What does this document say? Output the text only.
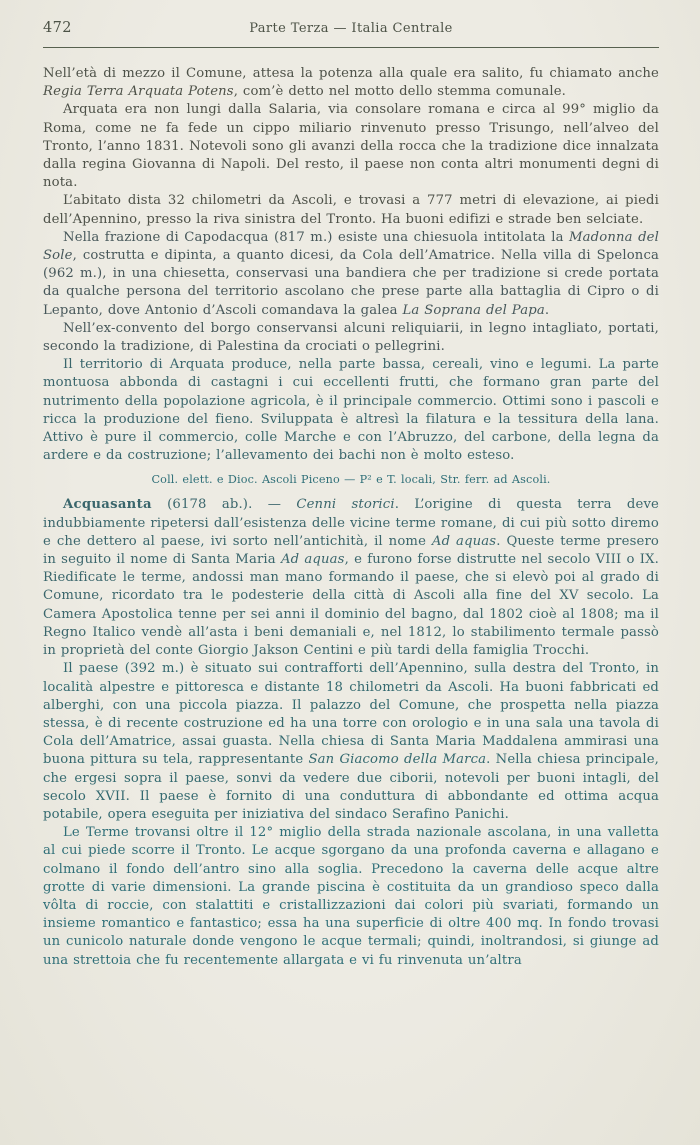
472	Parte Terza — Italia Centrale

Nell’età di mezzo il Comune, attesa la potenza alla quale era salito, fu chiamato anche Regia Terra Arquata Potens, com’è detto nel motto dello stemma comunale.

Arquata era non lungi dalla Salaria, via consolare romana e circa al 99° miglio da Roma, come ne fa fede un cippo miliario rinvenuto presso Trisungo, nell’alveo del Tronto, l’anno 1831. Notevoli sono gli avanzi della rocca che la tradizione dice innalzata dalla regina Giovanna di Napoli. Del resto, il paese non conta altri monumenti degni di nota.

L’abitato dista 32 chilometri da Ascoli, e trovasi a 777 metri di elevazione, ai piedi dell’Apennino, presso la riva sinistra del Tronto. Ha buoni edifizi e strade ben selciate.

Nella frazione di Capodacqua (817 m.) esiste una chiesuola intitolata la Madonna del Sole, costrutta e dipinta, a quanto dicesi, da Cola dell’Amatrice. Nella villa di Spelonca (962 m.), in una chiesetta, conservasi una bandiera che per tradizione si crede portata da qualche persona del territorio ascolano che prese parte alla battaglia di Cipro o di Lepanto, dove Antonio d’Ascoli comandava la galea La Soprana del Papa.

Nell’ex-convento del borgo conservansi alcuni reliquiarii, in legno intagliato, portati, secondo la tradizione, di Palestina da crociati o pellegrini.

Il territorio di Arquata produce, nella parte bassa, cereali, vino e legumi. La parte montuosa abbonda di castagni i cui eccellenti frutti, che formano gran parte del nutrimento della popolazione agricola, è il principale commercio. Ottimi sono i pascoli e ricca la produzione del fieno. Sviluppata è altresì la filatura e la tessitura della lana. Attivo è pure il commercio, colle Marche e con l’Abruzzo, del carbone, della legna da ardere e da costruzione; l’allevamento dei bachi non è molto esteso.

Coll. elett. e Dioc. Ascoli Piceno — P² e T. locali, Str. ferr. ad Ascoli.

Acquasanta (6178 ab.). — Cenni storici. L’origine di questa terra deve indubbiamente ripetersi dall’esistenza delle vicine terme romane, di cui più sotto diremo e che dettero al paese, ivi sorto nell’antichità, il nome Ad aquas. Queste terme presero in seguito il nome di Santa Maria Ad aquas, e furono forse distrutte nel secolo VIII o IX. Riedificate le terme, andossi man mano formando il paese, che si elevò poi al grado di Comune, ricordato tra le podesterie della città di Ascoli alla fine del XV secolo. La Camera Apostolica tenne per sei anni il dominio del bagno, dal 1802 cioè al 1808; ma il Regno Italico vendè all’asta i beni demaniali e, nel 1812, lo stabilimento termale passò in proprietà del conte Giorgio Jakson Centini e più tardi della famiglia Trocchi.

Il paese (392 m.) è situato sui contrafforti dell’Apennino, sulla destra del Tronto, in località alpestre e pittoresca e distante 18 chilometri da Ascoli. Ha buoni fabbricati ed alberghi, con una piccola piazza. Il palazzo del Comune, che prospetta nella piazza stessa, è di recente costruzione ed ha una torre con orologio e in una sala una tavola di Cola dell’Amatrice, assai guasta. Nella chiesa di Santa Maria Maddalena ammirasi una buona pittura su tela, rappresentante San Giacomo della Marca. Nella chiesa principale, che ergesi sopra il paese, sonvi da vedere due ciborii, notevoli per buoni intagli, del secolo XVII. Il paese è fornito di una conduttura di abbondante ed ottima acqua potabile, opera eseguita per iniziativa del sindaco Serafino Panichi.

Le Terme trovansi oltre il 12° miglio della strada nazionale ascolana, in una valletta al cui piede scorre il Tronto. Le acque sgorgano da una profonda caverna e allagano e colmano il fondo dell’antro sino alla soglia. Precedono la caverna delle acque altre grotte di varie dimensioni. La grande piscina è costituita da un grandioso speco dalla vôlta di roccie, con stalattiti e cristallizzazioni dai colori più svariati, formando un insieme romantico e fantastico; essa ha una superficie di oltre 400 mq. In fondo trovasi un cunicolo naturale donde vengono le acque termali; quindi, inoltrandosi, si giunge ad una strettoia che fu recentemente allargata e vi fu rinvenuta un’altra
